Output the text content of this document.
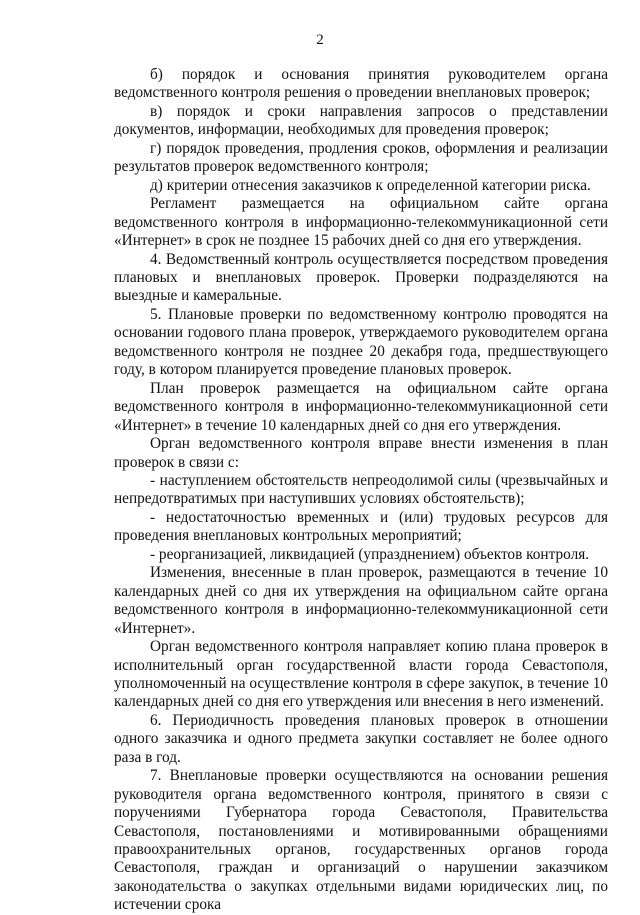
2

б) порядок и основания принятия руководителем органа ведомственного контроля решения о проведении внеплановых проверок;

в) порядок и сроки направления запросов о представлении документов, информации, необходимых для проведения проверок;

г) порядок проведения, продления сроков, оформления и реализации результатов проверок ведомственного контроля;

д) критерии отнесения заказчиков к определенной категории риска.

Регламент размещается на официальном сайте органа ведомственного контроля в информационно-телекоммуникационной сети «Интернет» в срок не позднее 15 рабочих дней со дня его утверждения.

4. Ведомственный контроль осуществляется посредством проведения плановых и внеплановых проверок. Проверки подразделяются на выездные и камеральные.

5. Плановые проверки по ведомственному контролю проводятся на основании годового плана проверок, утверждаемого руководителем органа ведомственного контроля не позднее 20 декабря года, предшествующего году, в котором планируется проведение плановых проверок.

План проверок размещается на официальном сайте органа ведомственного контроля в информационно-телекоммуникационной сети «Интернет» в течение 10 календарных дней со дня его утверждения.

Орган ведомственного контроля вправе внести изменения в план проверок в связи с:

- наступлением обстоятельств непреодолимой силы (чрезвычайных и непредотвратимых при наступивших условиях обстоятельств);

- недостаточностью временных и (или) трудовых ресурсов для проведения внеплановых контрольных мероприятий;

- реорганизацией, ликвидацией (упразднением) объектов контроля.

Изменения, внесенные в план проверок, размещаются в течение 10 календарных дней со дня их утверждения на официальном сайте органа ведомственного контроля в информационно-телекоммуникационной сети «Интернет».

Орган ведомственного контроля направляет копию плана проверок в исполнительный орган государственной власти города Севастополя, уполномоченный на осуществление контроля в сфере закупок, в течение 10 календарных дней со дня его утверждения или внесения в него изменений.

6. Периодичность проведения плановых проверок в отношении одного заказчика и одного предмета закупки составляет не более одного раза в год.

7. Внеплановые проверки осуществляются на основании решения руководителя органа ведомственного контроля, принятого в связи с поручениями Губернатора города Севастополя, Правительства Севастополя, постановлениями и мотивированными обращениями правоохранительных органов, государственных органов города Севастополя, граждан и организаций о нарушении заказчиком законодательства о закупках отдельными видами юридических лиц, по истечении срока
